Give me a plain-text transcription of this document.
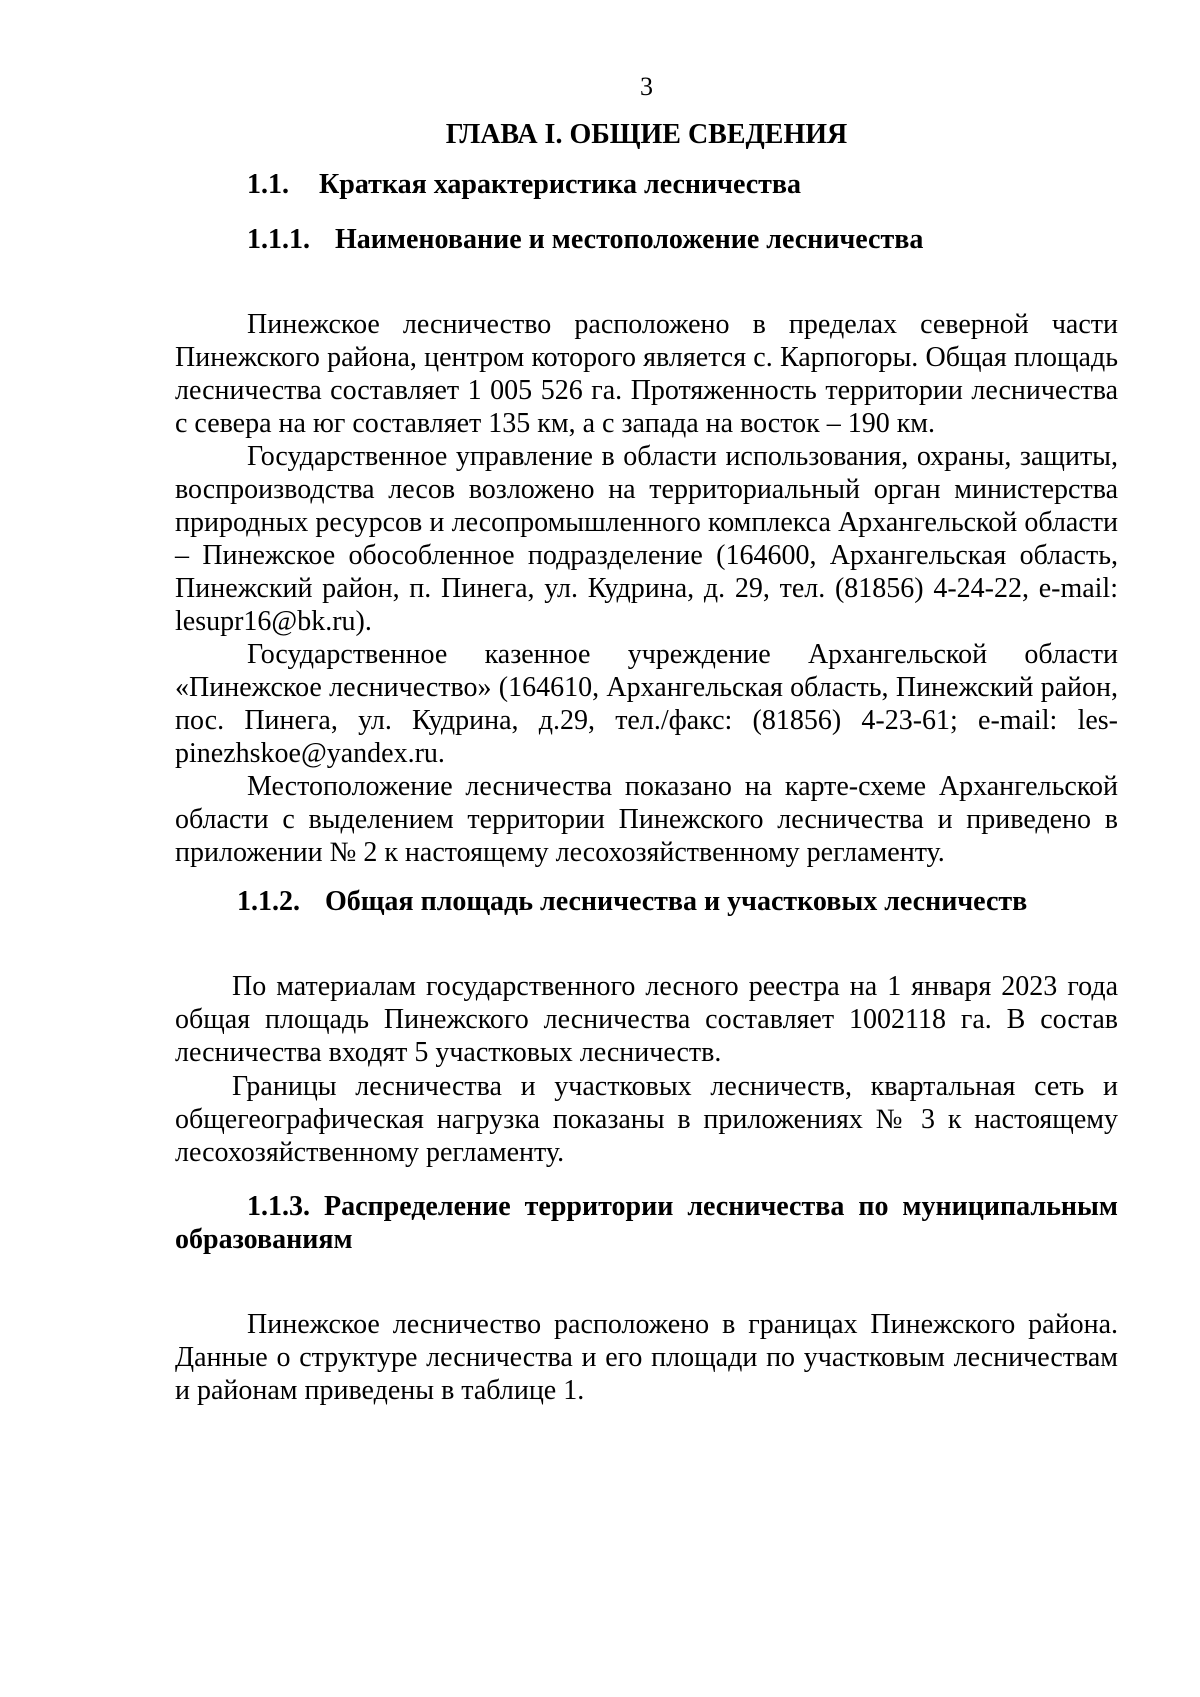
3
ГЛАВА I. ОБЩИЕ СВЕДЕНИЯ
1.1. Краткая характеристика лесничества
1.1.1. Наименование и местоположение лесничества

Пинежское лесничество расположено в пределах северной части Пинежского района, центром которого является с. Карпогоры. Общая площадь лесничества составляет 1 005 526 га. Протяженность территории лесничества с севера на юг составляет 135 км, а с запада на восток – 190 км.

Государственное управление в области использования, охраны, защиты, воспроизводства лесов возложено на территориальный орган министерства природных ресурсов и лесопромышленного комплекса Архангельской области – Пинежское обособленное подразделение (164600, Архангельская область, Пинежский район, п. Пинега, ул. Кудрина, д. 29, тел. (81856) 4-24-22, e-mail: lesupr16@bk.ru).

Государственное казенное учреждение Архангельской области «Пинежское лесничество» (164610, Архангельская область, Пинежский район, пос. Пинега, ул. Кудрина, д.29, тел./факс: (81856) 4-23-61; e-mail: les-pinezhskoe@yandex.ru.

Местоположение лесничества показано на карте-схеме Архангельской области с выделением территории Пинежского лесничества и приведено в приложении № 2 к настоящему лесохозяйственному регламенту.

1.1.2. Общая площадь лесничества и участковых лесничеств

По материалам государственного лесного реестра на 1 января 2023 года общая площадь Пинежского лесничества составляет 1002118 га. В состав лесничества входят 5 участковых лесничеств.

Границы лесничества и участковых лесничеств, квартальная сеть и общегеографическая нагрузка показаны в приложениях № 3 к настоящему лесохозяйственному регламенту.

1.1.3. Распределение территории лесничества по муниципальным образованиям

Пинежское лесничество расположено в границах Пинежского района. Данные о структуре лесничества и его площади по участковым лесничествам и районам приведены в таблице 1.
